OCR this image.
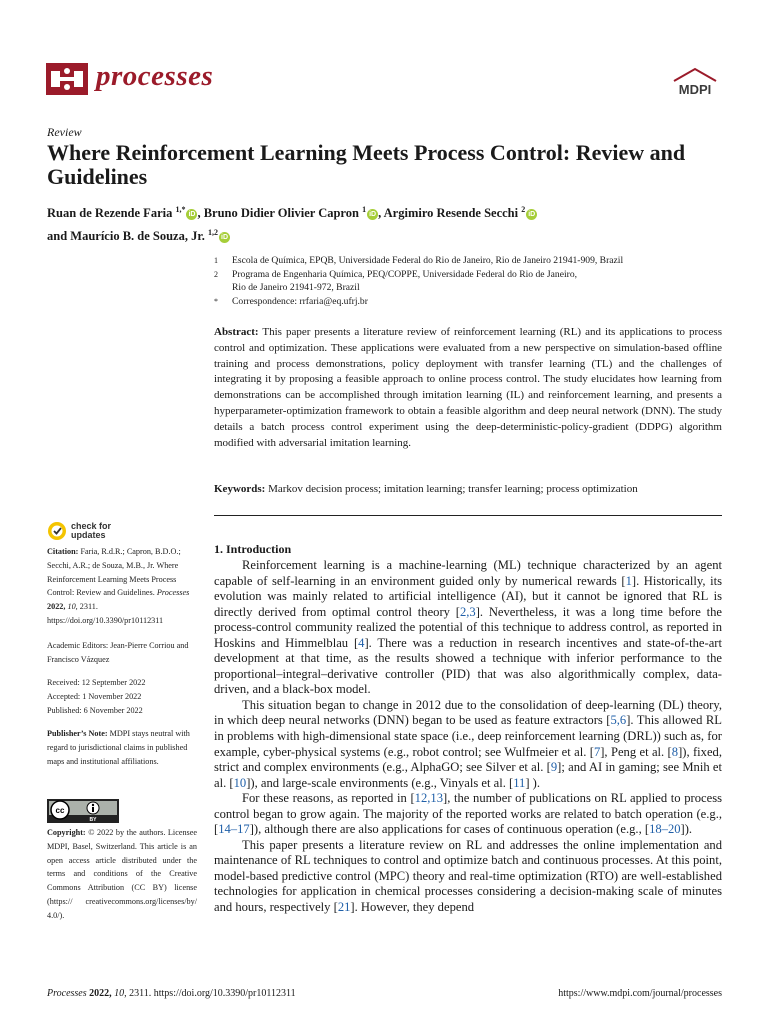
processes	MDPI
Review
Where Reinforcement Learning Meets Process Control: Review and Guidelines
Ruan de Rezende Faria $^{1,*}$iD , Bruno Didier Olivier Capron $^1$iD , Argimiro Resende Secchi $^2$iD
and Maurício B. de Souza, Jr. $^{1,2}$iD
1	Escola de Química, EPQB, Universidade Federal do Rio de Janeiro, Rio de Janeiro 21941-909, Brazil
2	Programa de Engenharia Química, PEQ/COPPE, Universidade Federal do Rio de Janeiro,
Rio de Janeiro 21941-972, Brazil
*	Correspondence: rrfaria@eq.ufrj.br
Abstract: This paper presents a literature review of reinforcement learning (RL) and its applications to process control and optimization. These applications were evaluated from a new perspective on simulation-based offline training and process demonstrations, policy deployment with transfer learning (TL) and the challenges of integrating it by proposing a feasible approach to online process control. The study elucidates how learning from demonstrations can be accomplished through imitation learning (IL) and reinforcement learning, and presents a hyperparameter-optimization framework to obtain a feasible algorithm and deep neural network (DNN). The study details a batch process control experiment using the deep-deterministic-policy-gradient (DDPG) algorithm modified with adversarial imitation learning.
Keywords: Markov decision process; imitation learning; transfer learning; process optimization
check for
updates
Citation: Faria, R.d.R.; Capron, B.D.O.; Secchi, A.R.; de Souza, M.B., Jr. Where Reinforcement Learning Meets Process Control: Review and Guidelines. Processes 2022, 10, 2311. https://doi.org/10.3390/pr10112311
Academic Editors: Jean-Pierre Corriou and Francisco Vázquez
Received: 12 September 2022
Accepted: 1 November 2022
Published: 6 November 2022
Publisher’s Note: MDPI stays neutral with regard to jurisdictional claims in published maps and institutional affiliations.
cc
BY
Copyright: © 2022 by the authors. Licensee MDPI, Basel, Switzerland. This article is an open access article distributed under the terms and conditions of the Creative Commons Attribution (CC BY) license (https:// creativecommons.org/licenses/by/ 4.0/).
1. Introduction

Reinforcement learning is a machine-learning (ML) technique characterized by an agent capable of self-learning in an environment guided only by numerical rewards [1]. Historically, its evolution was mainly related to artificial intelligence (AI), but it cannot be ignored that RL is directly derived from optimal control theory [2,3]. Nevertheless, it was a long time before the process-control community realized the potential of this technique to address control, as reported in Hoskins and Himmelblau [4]. There was a reduction in research incentives and state-of-the-art development at that time, as the results showed a technique with inferior performance to the proportional–integral–derivative controller (PID) that was also algorithmically complex, data-driven, and a black-box model.

This situation began to change in 2012 due to the consolidation of deep-learning (DL) theory, in which deep neural networks (DNN) began to be used as feature extractors [5,6]. This allowed RL in problems with high-dimensional state space (i.e., deep reinforcement learning (DRL)) such as, for example, cyber-physical systems (e.g., robot control; see Wulfmeier et al. [7], Peng et al. [8]), fixed, strict and complex environments (e.g., AlphaGO; see Silver et al. [9]; and AI in gaming; see Mnih et al. [10]), and large-scale environments (e.g., Vinyals et al. [11] ).

For these reasons, as reported in [12,13], the number of publications on RL applied to process control began to grow again. The majority of the reported works are related to batch operation (e.g., [14–17]), although there are also applications for cases of continuous operation (e.g., [18–20]).

This paper presents a literature review on RL and addresses the online implementation and maintenance of RL techniques to control and optimize batch and continuous processes. At this point, model-based predictive control (MPC) theory and real-time optimization (RTO) are well-established technologies for application in chemical processes considering a decision-making scale of minutes and hours, respectively [21]. However, they depend

Processes 2022, 10, 2311. https://doi.org/10.3390/pr10112311	https://www.mdpi.com/journal/processes
